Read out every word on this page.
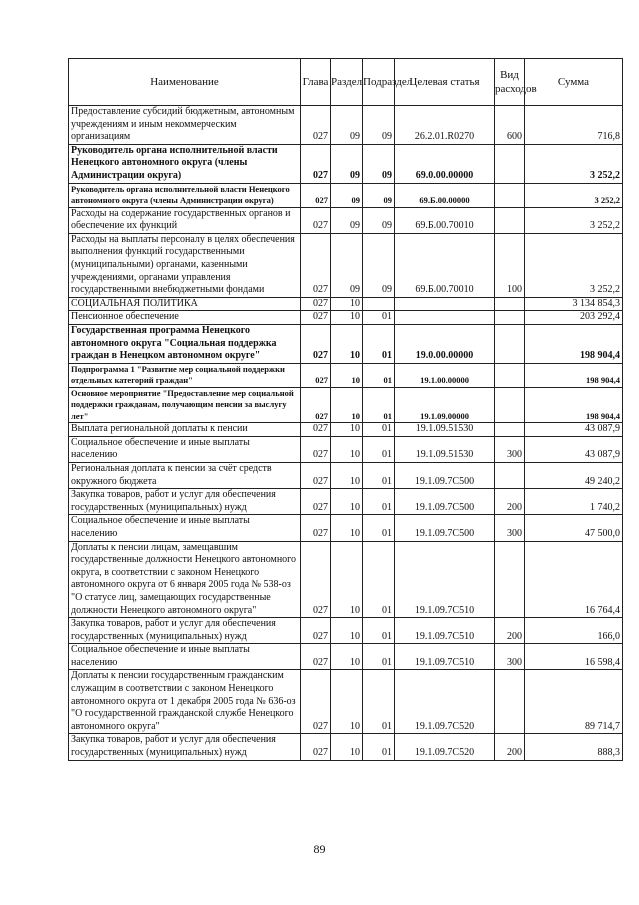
Наименование	Глава	Раздел	Подраздел	Целевая статья	Вид расходов	Сумма
Предоставление субсидий бюджетным, автономным учреждениям и иным некоммерческим организациям	027	09	09	26.2.01.R0270	600	716,8
Руководитель органа исполнительной власти Ненецкого автономного округа (члены Администрации округа)	027	09	09	69.0.00.00000		3 252,2
Руководитель органа исполнительной власти Ненецкого автономного округа (члены Администрации округа)	027	09	09	69.Б.00.00000		3 252,2
Расходы на содержание государственных органов и обеспечение их функций	027	09	09	69.Б.00.70010		3 252,2
Расходы на выплаты персоналу в целях обеспечения выполнения функций государственными (муниципальными) органами, казенными учреждениями, органами управления государственными внебюджетными фондами	027	09	09	69.Б.00.70010	100	3 252,2
СОЦИАЛЬНАЯ ПОЛИТИКА	027	10				3 134 854,3
Пенсионное обеспечение	027	10	01			203 292,4
Государственная программа Ненецкого автономного округа "Социальная поддержка граждан в Ненецком автономном округе"	027	10	01	19.0.00.00000		198 904,4
Подпрограмма 1 "Развитие мер социальной поддержки отдельных категорий граждан"	027	10	01	19.1.00.00000		198 904,4
Основное мероприятие "Предоставление мер социальной поддержки гражданам, получающим пенсии за выслугу лет"	027	10	01	19.1.09.00000		198 904,4
Выплата региональной доплаты к пенсии	027	10	01	19.1.09.51530		43 087,9
Социальное обеспечение и иные выплаты населению	027	10	01	19.1.09.51530	300	43 087,9
Региональная доплата к пенсии за счёт средств окружного бюджета	027	10	01	19.1.09.7С500		49 240,2
Закупка товаров, работ и услуг для обеспечения государственных (муниципальных) нужд	027	10	01	19.1.09.7С500	200	1 740,2
Социальное обеспечение и иные выплаты населению	027	10	01	19.1.09.7С500	300	47 500,0
Доплаты к пенсии лицам, замещавшим государственные должности Ненецкого автономного округа, в соответствии с законом Ненецкого автономного округа от 6 января 2005 года № 538-оз "О статусе лиц, замещающих государственные должности Ненецкого автономного округа"	027	10	01	19.1.09.7С510		16 764,4
Закупка товаров, работ и услуг для обеспечения государственных (муниципальных) нужд	027	10	01	19.1.09.7С510	200	166,0
Социальное обеспечение и иные выплаты населению	027	10	01	19.1.09.7С510	300	16 598,4
Доплаты к пенсии государственным гражданским служащим в соответствии с законом Ненецкого автономного округа от 1 декабря 2005 года № 636-оз "О государственной гражданской службе Ненецкого автономного округа"	027	10	01	19.1.09.7С520		89 714,7
Закупка товаров, работ и услуг для обеспечения государственных (муниципальных) нужд	027	10	01	19.1.09.7С520	200	888,3
89
